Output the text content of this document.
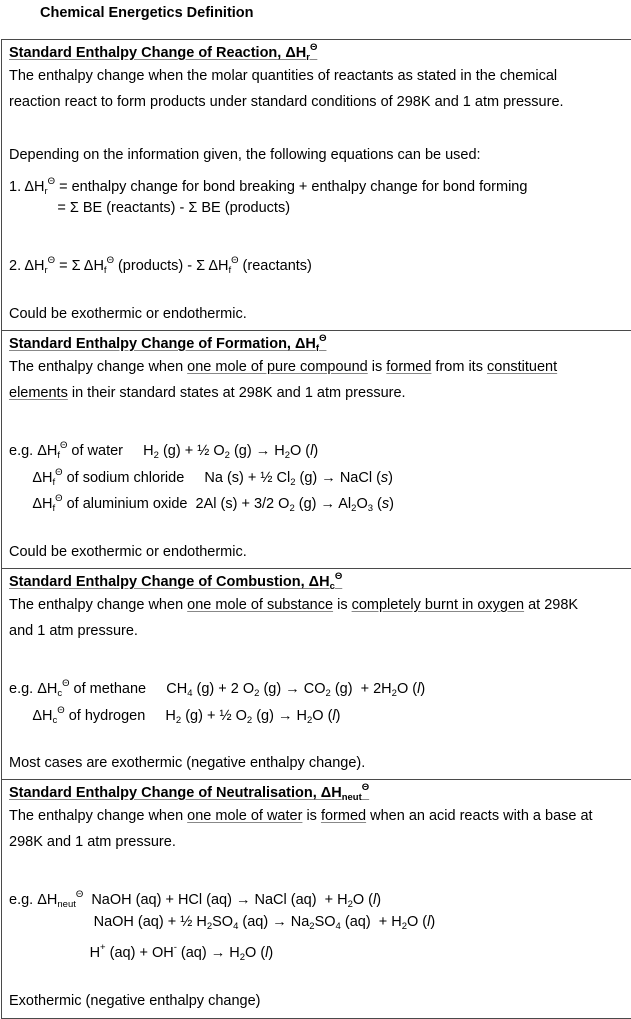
Chemical Energetics Definition
Standard Enthalpy Change of Reaction, $\Delta H_r^\Theta$
The enthalpy change when the molar quantities of reactants as stated in the chemical
reaction react to form products under standard conditions of 298K and 1 atm pressure.
Depending on the information given, the following equations can be used:
1. $\Delta H_r^\Theta$ = enthalpy change for bond breaking + enthalpy change for bond forming
= Σ BE (reactants) - Σ BE (products)
2. $\Delta H_r^\Theta = \Sigma$ $\Delta H_f^\Theta$ (products) - Σ $\Delta H_f^\Theta$ (reactants)
Could be exothermic or endothermic.
Standard Enthalpy Change of Formation, $\Delta H_f^\Theta$
The enthalpy change when one mole of pure compound is formed from its constituent
elements in their standard states at 298K and 1 atm pressure.
e.g. $\Delta H_f^\Theta$ of water     $H_2$ (g) + ½ $O_2$ $(g) \to H_2O$ (l)
$\Delta H_f^\Theta$ of sodium chloride     Na (s) + ½ $Cl_2$ (g) → NaCl (s)
$\Delta H_f^\Theta$ of aluminium oxide  2Al (s) + 3/2 $O_2$ $(g) \to Al_2O_3$ (s)
Could be exothermic or endothermic.
Standard Enthalpy Change of Combustion, $\Delta H_c^\Theta$
The enthalpy change when one mole of substance is completely burnt in oxygen at 298K
and 1 atm pressure.
e.g. $\Delta H_c^\Theta$ of methane     $CH_4$ (g) + 2 $O_2$ $(g) \to CO_2$ $(g) + 2H_2O$ (l)
$\Delta H_c^\Theta$ of hydrogen     $H_2$ (g) + ½ $O_2$ $(g) \to H_2O$ (l)
Most cases are exothermic (negative enthalpy change).
Standard Enthalpy Change of Neutralisation, $\Delta H_{neut}^\Theta$
The enthalpy change when one mole of water is formed when an acid reacts with a base at
298K and 1 atm pressure.
e.g. $\Delta H_{neut}^\Theta$  NaOH (aq) + HCl (aq) → NaCl $(aq) + H_2O$ (l)
NaOH (aq) + ½ $H_2SO_4$ $(aq) \to Na_2SO_4$ $(aq) + H_2O$ (l)
H+ (aq) + OH- $(aq) \to H_2O$ (l)
Exothermic (negative enthalpy change)
